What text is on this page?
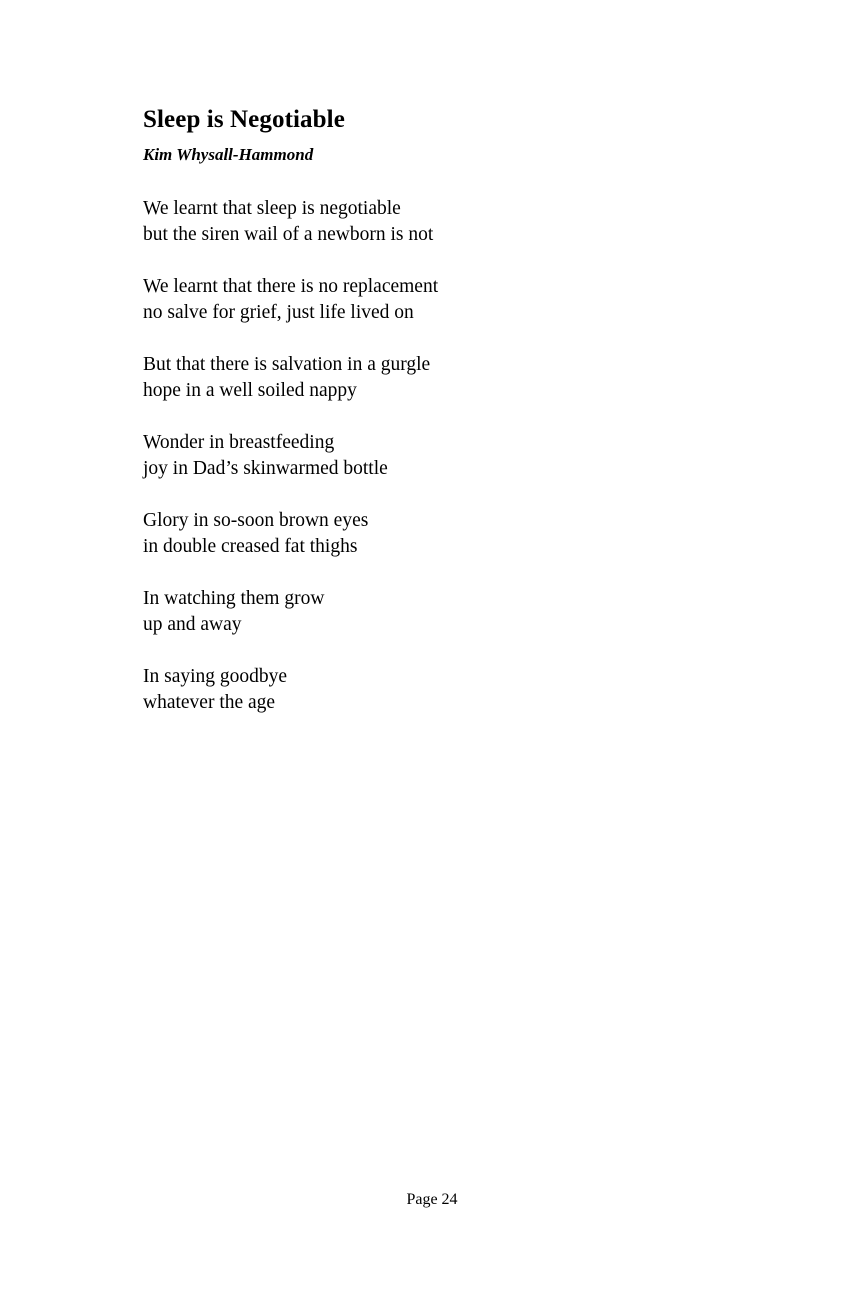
Sleep is Negotiable
Kim Whysall-Hammond
We learnt that sleep is negotiable
but the siren wail of a newborn is not
We learnt that there is no replacement
no salve for grief, just life lived on
But that there is salvation in a gurgle
hope in a well soiled nappy
Wonder in breastfeeding
joy in Dad’s skinwarmed bottle
Glory in so-soon brown eyes
in double creased fat thighs
In watching them grow
up and away
In saying goodbye
whatever the age
Page 24
